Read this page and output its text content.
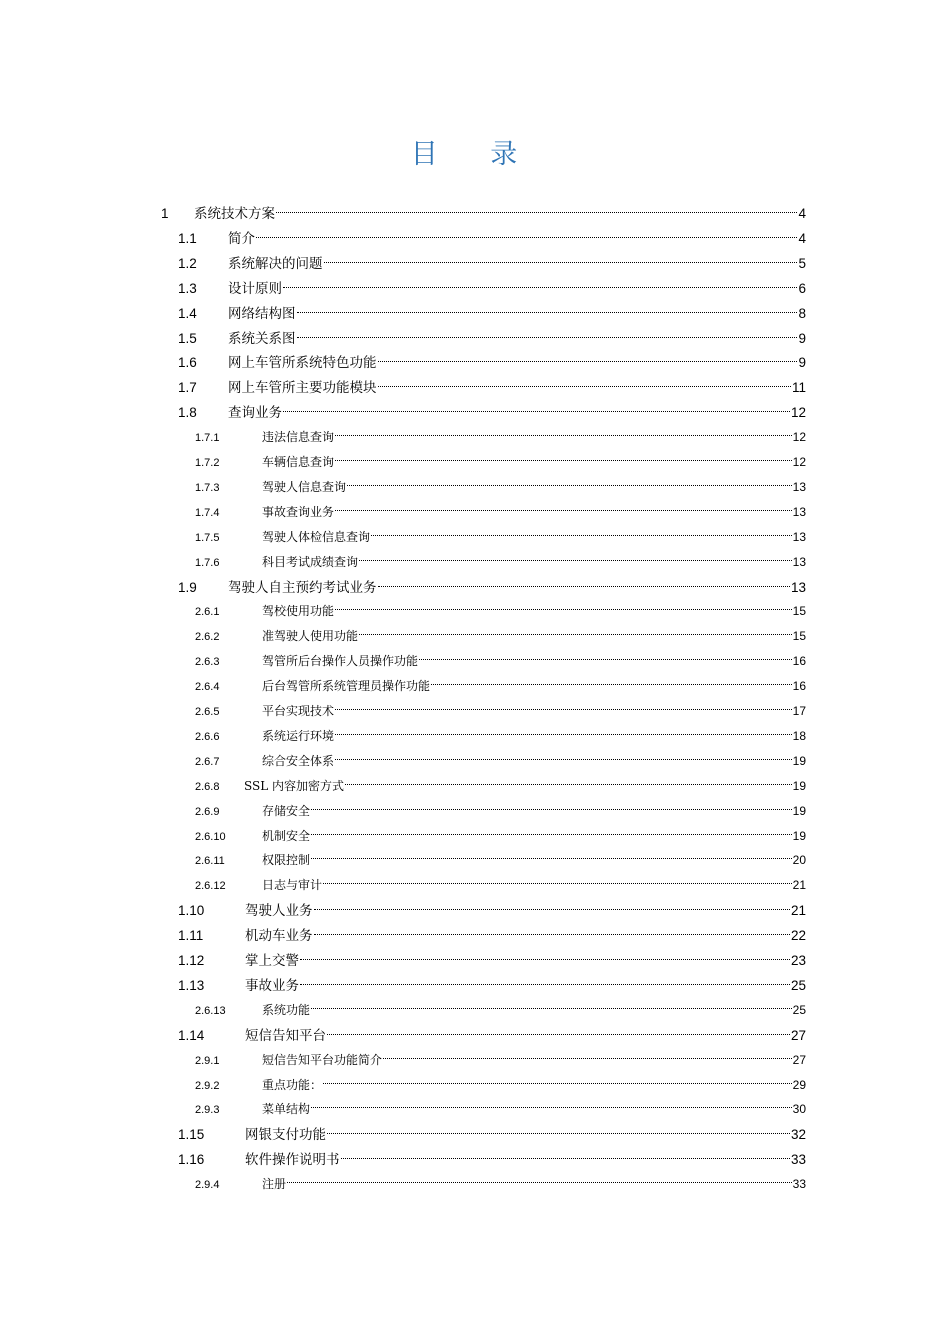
目 录
1	系统技术方案	4
1.1	简介	4
1.2	系统解决的问题	5
1.3	设计原则	6
1.4	网络结构图	8
1.5	系统关系图	9
1.6	网上车管所系统特色功能	9
1.7	网上车管所主要功能模块	11
1.8	查询业务	12
1.7.1	违法信息查询	12
1.7.2	车辆信息查询	12
1.7.3	驾驶人信息查询	13
1.7.4	事故查询业务	13
1.7.5	驾驶人体检信息查询	13
1.7.6	科目考试成绩查询	13
1.9	驾驶人自主预约考试业务	13
2.6.1	驾校使用功能	15
2.6.2	准驾驶人使用功能	15
2.6.3	驾管所后台操作人员操作功能	16
2.6.4	后台驾管所系统管理员操作功能	16
2.6.5	平台实现技术	17
2.6.6	系统运行环境	18
2.6.7	综合安全体系	19
2.6.8	SSL 内容加密方式	19
2.6.9	存储安全	19
2.6.10	机制安全	19
2.6.11	权限控制	20
2.6.12	日志与审计	21
1.10	驾驶人业务	21
1.11	机动车业务	22
1.12	掌上交警	23
1.13	事故业务	25
2.6.13	系统功能	25
1.14	短信告知平台	27
2.9.1	短信告知平台功能简介	27
2.9.2	重点功能：	29
2.9.3	菜单结构	30
1.15	网银支付功能	32
1.16	软件操作说明书	33
2.9.4	注册	33
